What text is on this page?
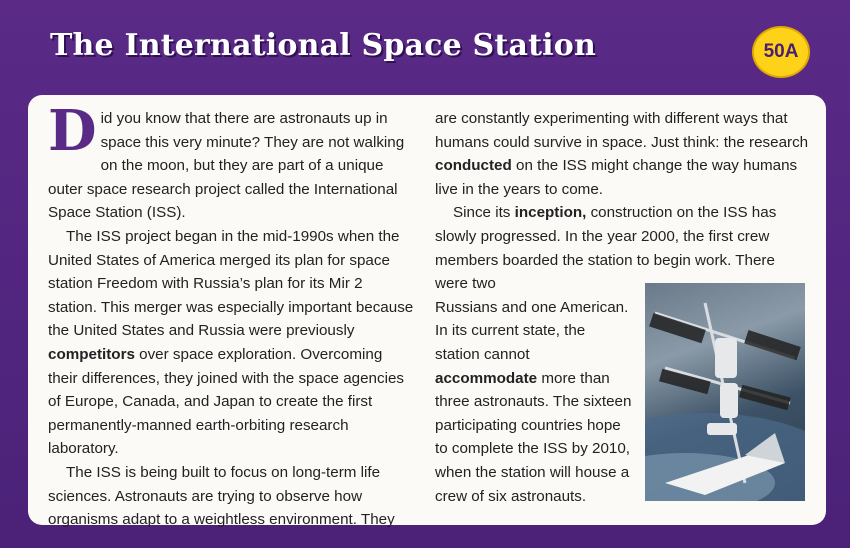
The International Space Station	50A

Did you know that there are astronauts up in space this very minute? They are not walking on the moon, but they are part of a unique outer space research project called the International Space Station (ISS).

The ISS project began in the mid-1990s when the United States of America merged its plan for space station Freedom with Russia’s plan for its Mir 2 station. This merger was especially important because the United States and Russia were previously competitors over space exploration. Overcoming their differences, they joined with the space agencies of Europe, Canada, and Japan to create the first permanently-manned earth-orbiting research laboratory.

The ISS is being built to focus on long-term life sciences. Astronauts are trying to observe how organisms adapt to a weightless environment. They

are constantly experimenting with different ways that humans could survive in space. Just think: the research conducted on the ISS might change the way humans live in the years to come.

Since its inception, construction on the ISS has slowly progressed. In the year 2000, the first crew members boarded the station to begin work. There were two

Russians and one American. In its current state, the station cannot accommodate more than three astronauts. The sixteen participating countries hope to complete the ISS by 2010, when the station will house a crew of six astronauts.
